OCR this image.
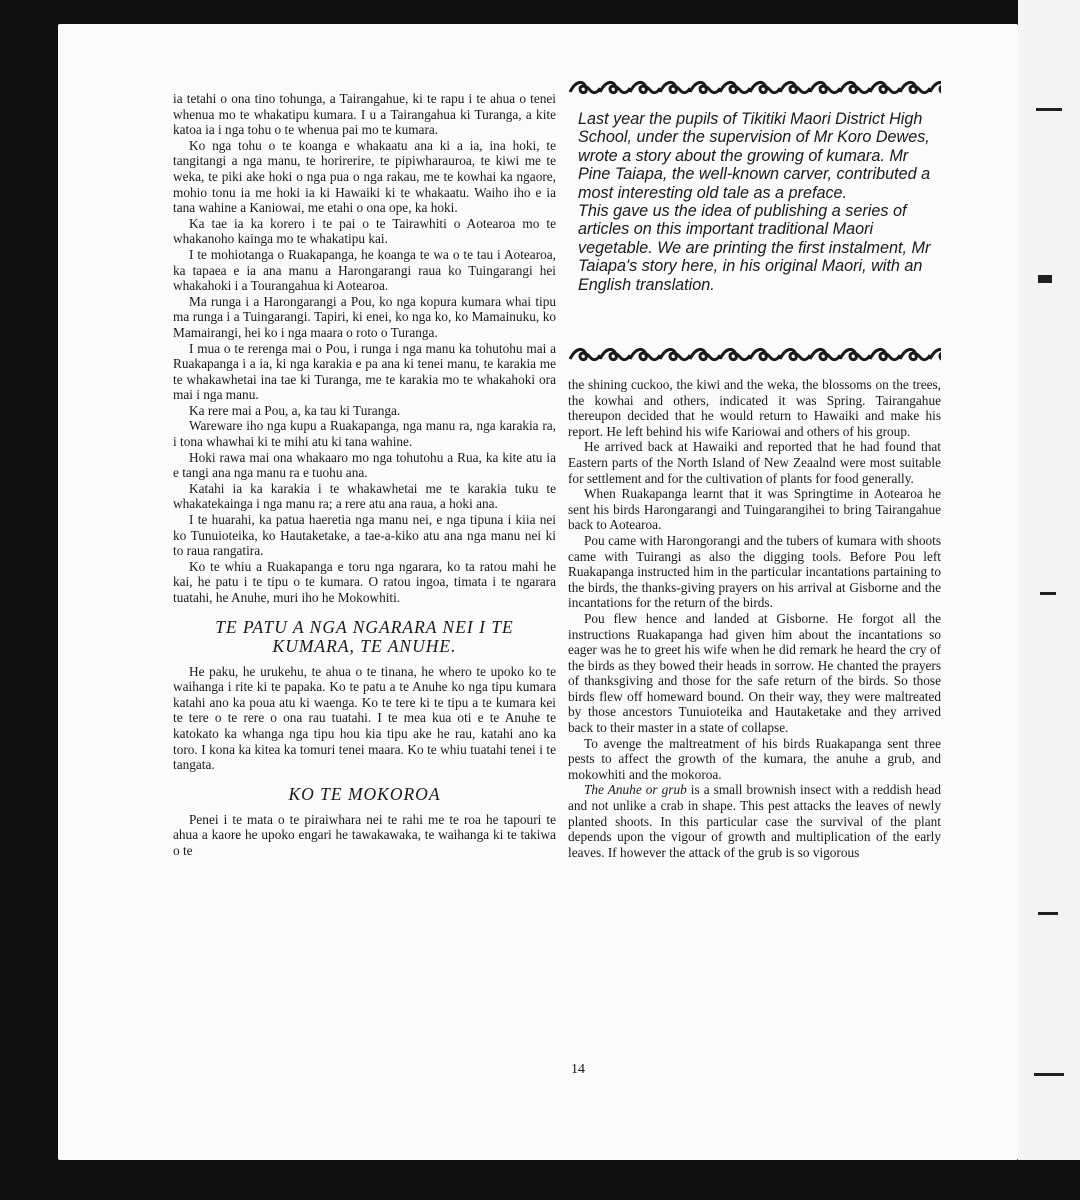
ia tetahi o ona tino tohunga, a Tairangahue, ki te rapu i te ahua o tenei whenua mo te whakatipu kumara. I u a Tairangahua ki Turanga, a kite katoa ia i nga tohu o te whenua pai mo te kumara.

Ko nga tohu o te koanga e whakaatu ana ki a ia, ina hoki, te tangitangi a nga manu, te horirerire, te pipiwharauroa, te kiwi me te weka, te piki ake hoki o nga pua o nga rakau, me te kowhai ka ngaore, mohio tonu ia me hoki ia ki Hawaiki ki te whakaatu. Waiho iho e ia tana wahine a Kaniowai, me etahi o ona ope, ka hoki.

Ka tae ia ka korero i te pai o te Tairawhiti o Aotearoa mo te whakanoho kainga mo te whakatipu kai.

I te mohiotanga o Ruakapanga, he koanga te wa o te tau i Aotearoa, ka tapaea e ia ana manu a Harongarangi raua ko Tuingarangi hei whakahoki i a Tourangahua ki Aotearoa.

Ma runga i a Harongarangi a Pou, ko nga kopura kumara whai tipu ma runga i a Tuingarangi. Tapiri, ki enei, ko nga ko, ko Mamainuku, ko Mamairangi, hei ko i nga maara o roto o Turanga.

I mua o te rerenga mai o Pou, i runga i nga manu ka tohutohu mai a Ruakapanga i a ia, ki nga karakia e pa ana ki tenei manu, te karakia me te whakawhetai ina tae ki Turanga, me te karakia mo te whakahoki ora mai i nga manu.

Ka rere mai a Pou, a, ka tau ki Turanga.

Wareware iho nga kupu a Ruakapanga, nga manu ra, nga karakia ra, i tona whawhai ki te mihi atu ki tana wahine.

Hoki rawa mai ona whakaaro mo nga tohutohu a Rua, ka kite atu ia e tangi ana nga manu ra e tuohu ana.

Katahi ia ka karakia i te whakawhetai me te karakia tuku te whakatekainga i nga manu ra; a rere atu ana raua, a hoki ana.

I te huarahi, ka patua haeretia nga manu nei, e nga tipuna i kiia nei ko Tunuioteika, ko Hautaketake, a tae-a-kiko atu ana nga manu nei ki to raua rangatira.

Ko te whiu a Ruakapanga e toru nga ngarara, ko ta ratou mahi he kai, he patu i te tipu o te kumara. O ratou ingoa, timata i te ngarara tuatahi, he Anuhe, muri iho he Mokowhiti.

TE PATU A NGA NGARARA NEI I TE KUMARA, TE ANUHE.

He paku, he urukehu, te ahua o te tinana, he whero te upoko ko te waihanga i rite ki te papaka. Ko te patu a te Anuhe ko nga tipu kumara katahi ano ka poua atu ki waenga. Ko te tere ki te tipu a te kumara kei te tere o te rere o ona rau tuatahi. I te mea kua oti e te Anuhe te katokato ka whanga nga tipu hou kia tipu ake he rau, katahi ano ka toro. I kona ka kitea ka tomuri tenei maara. Ko te whiu tuatahi tenei i te tangata.

KO TE MOKOROA

Penei i te mata o te piraiwhara nei te rahi me te roa he tapouri te ahua a kaore he upoko engari he tawakawaka, te waihanga ki te takiwa o te

Last year the pupils of Tikitiki Maori District High School, under the supervision of Mr Koro Dewes, wrote a story about the growing of kumara. Mr Pine Taiapa, the well-known carver, contributed a most interesting old tale as a preface.

This gave us the idea of publishing a series of articles on this important traditional Maori vegetable. We are printing the first instalment, Mr Taiapa's story here, in his original Maori, with an English translation.

the shining cuckoo, the kiwi and the weka, the blossoms on the trees, the kowhai and others, indicated it was Spring. Tairangahue thereupon decided that he would return to Hawaiki and make his report. He left behind his wife Kariowai and others of his group.

He arrived back at Hawaiki and reported that he had found that Eastern parts of the North Island of New Zeaalnd were most suitable for settlement and for the cultivation of plants for food generally.

When Ruakapanga learnt that it was Springtime in Aotearoa he sent his birds Harongarangi and Tuingarangihei to bring Tairangahue back to Aotearoa.

Pou came with Harongorangi and the tubers of kumara with shoots came with Tuirangi as also the digging tools. Before Pou left Ruakapanga instructed him in the particular incantations partaining to the birds, the thanks-giving prayers on his arrival at Gisborne and the incantations for the return of the birds.

Pou flew hence and landed at Gisborne. He forgot all the instructions Ruakapanga had given him about the incantations so eager was he to greet his wife when he did remark he heard the cry of the birds as they bowed their heads in sorrow. He chanted the prayers of thanksgiving and those for the safe return of the birds. So those birds flew off homeward bound. On their way, they were maltreated by those ancestors Tunuioteika and Hautaketake and they arrived back to their master in a state of collapse.

To avenge the maltreatment of his birds Ruakapanga sent three pests to affect the growth of the kumara, the anuhe a grub, and mokowhiti and the mokoroa.

The Anuhe or grub is a small brownish insect with a reddish head and not unlike a crab in shape. This pest attacks the leaves of newly planted shoots. In this particular case the survival of the plant depends upon the vigour of growth and multiplication of the early leaves. If however the attack of the grub is so vigorous

14
